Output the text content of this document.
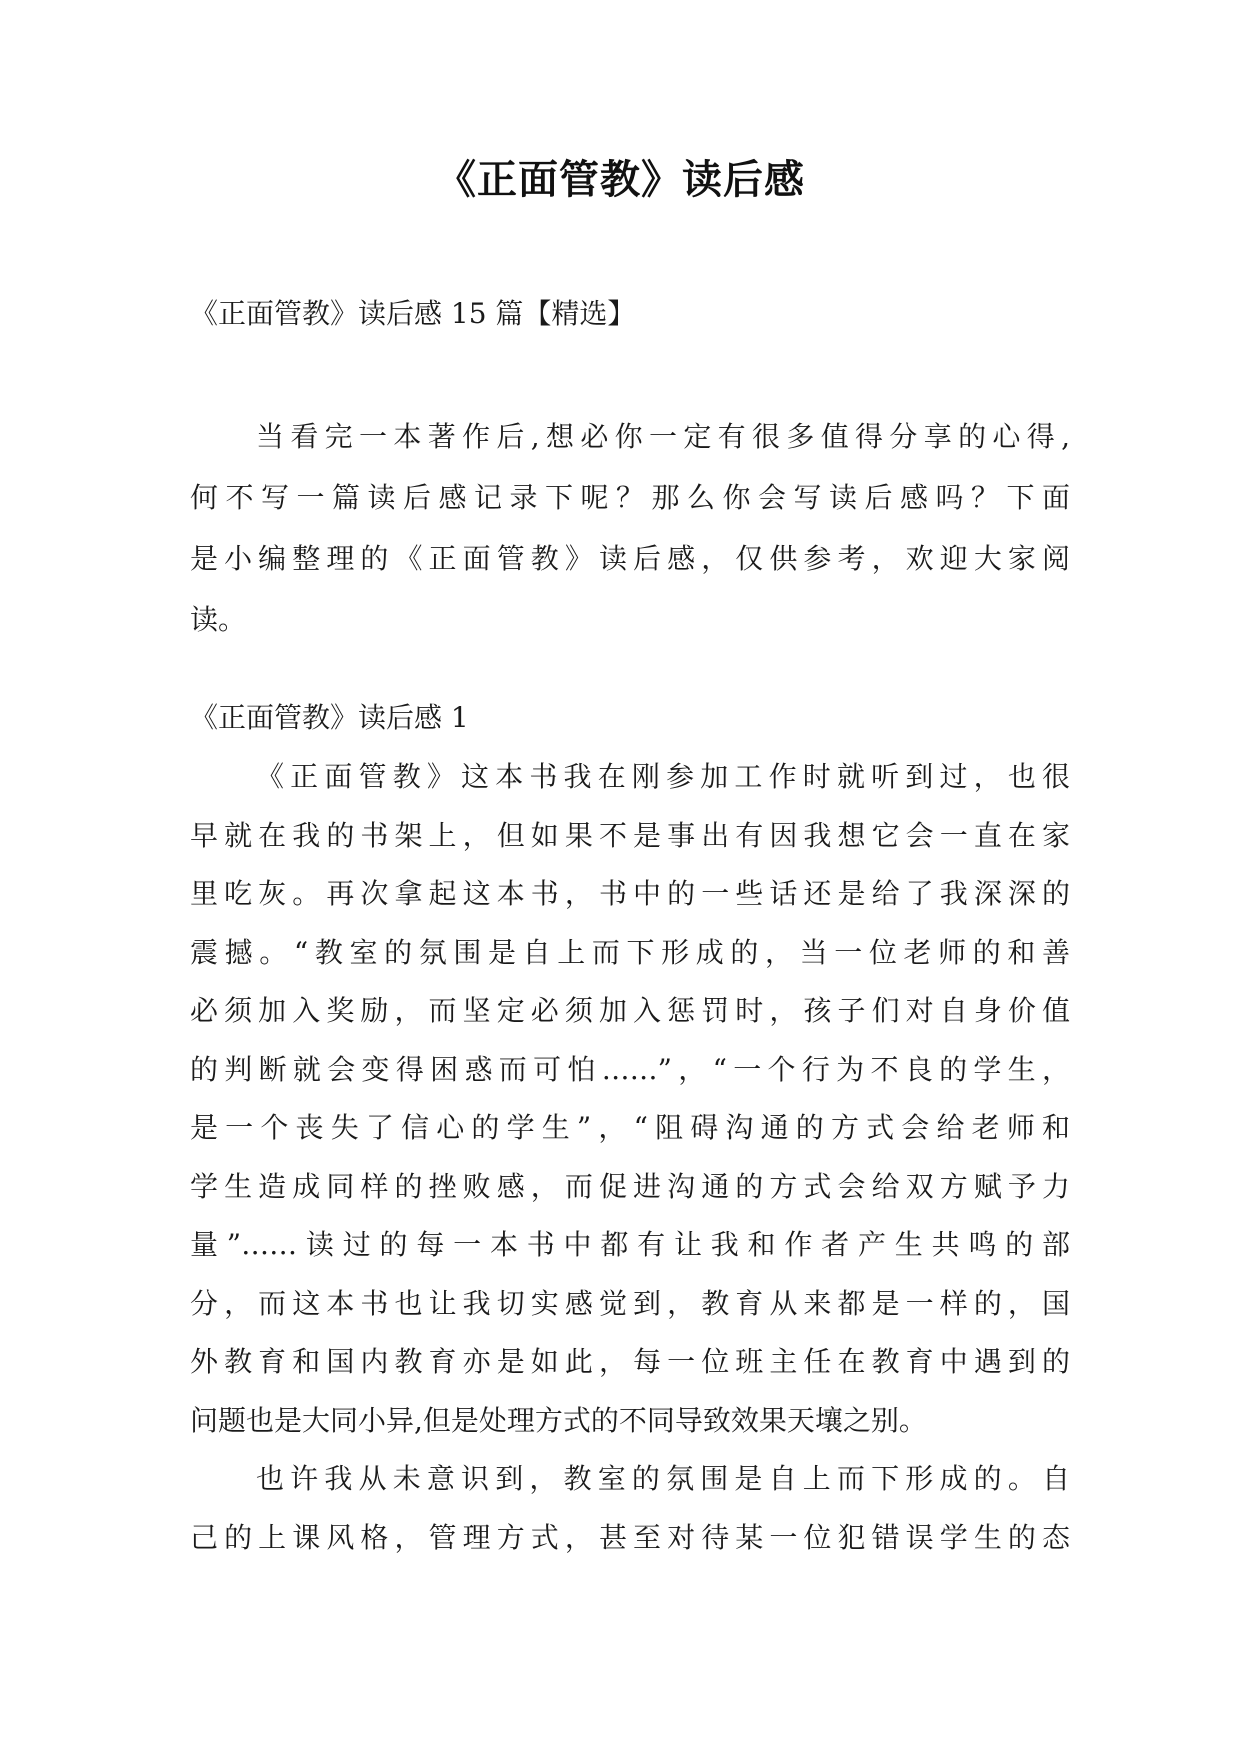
《正面管教》读后感
《正面管教》读后感 15 篇【精选】
当看完一本著作后,想必你一定有很多值得分享的心得,
何不写一篇读后感记录下呢？那么你会写读后感吗？下面
是小编整理的《正面管教》读后感，仅供参考，欢迎大家阅
读。
《正面管教》读后感 1
《正面管教》这本书我在刚参加工作时就听到过，也很
早就在我的书架上，但如果不是事出有因我想它会一直在家
里吃灰。再次拿起这本书，书中的一些话还是给了我深深的
震撼。“教室的氛围是自上而下形成的，当一位老师的和善
必须加入奖励，而坚定必须加入惩罚时，孩子们对自身价值
的判断就会变得困惑而可怕……”，“一个行为不良的学生，
是一个丧失了信心的学生”，“阻碍沟通的方式会给老师和
学生造成同样的挫败感，而促进沟通的方式会给双方赋予力
量”……读过的每一本书中都有让我和作者产生共鸣的部
分，而这本书也让我切实感觉到，教育从来都是一样的，国
外教育和国内教育亦是如此，每一位班主任在教育中遇到的
问题也是大同小异,但是处理方式的不同导致效果天壤之别。
也许我从未意识到，教室的氛围是自上而下形成的。自
己的上课风格，管理方式，甚至对待某一位犯错误学生的态
